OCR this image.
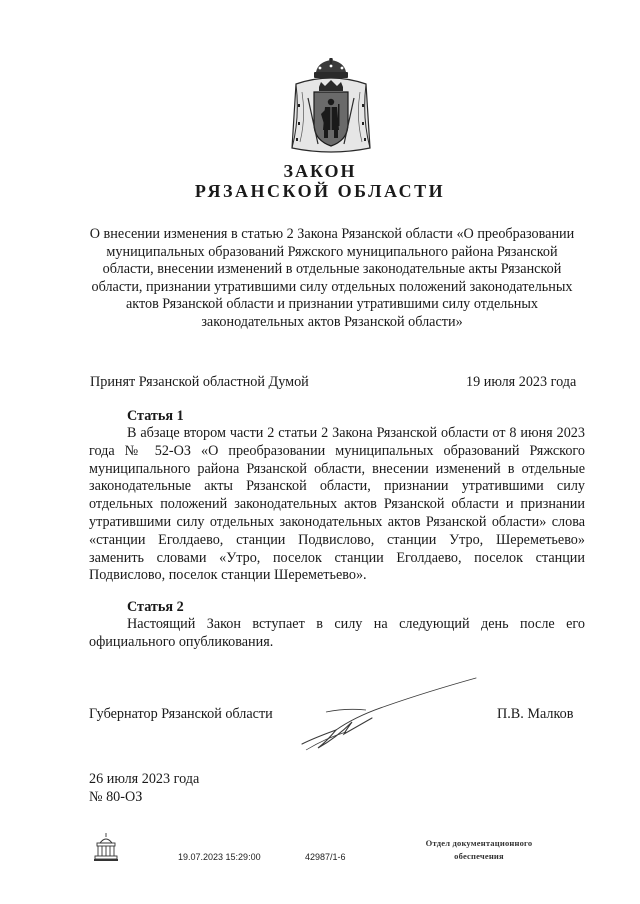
ЗАКОН
РЯЗАНСКОЙ ОБЛАСТИ
О внесении изменения в статью 2 Закона Рязанской области «О преобразовании муниципальных образований Ряжского муниципального района Рязанской области, внесении изменений в отдельные законодательные акты Рязанской области, признании утратившими силу отдельных положений законодательных актов Рязанской области и признании утратившими силу отдельных законодательных актов Рязанской области»
Принят Рязанской областной Думой	19 июля 2023 года
Статья 1
В абзаце втором части 2 статьи 2 Закона Рязанской области от 8 июня 2023 года № 52-ОЗ «О преобразовании муниципальных образований Ряжского муниципального района Рязанской области, внесении изменений в отдельные законодательные акты Рязанской области, признании утратившими силу отдельных положений законодательных актов Рязанской области и признании утратившими силу отдельных законодательных актов Рязанской области» слова «станции Еголдаево, станции Подвислово, станции Утро, Шереметьево» заменить словами «Утро, поселок станции Еголдаево, поселок станции Подвислово, поселок станции Шереметьево».
Статья 2
Настоящий Закон вступает в силу на следующий день после его официального опубликования.
Губернатор Рязанской области	П.В. Малков
26 июля 2023 года
№ 80-ОЗ
19.07.2023 15:29:00	42987/1-6
Отдел документационного
обеспечения
